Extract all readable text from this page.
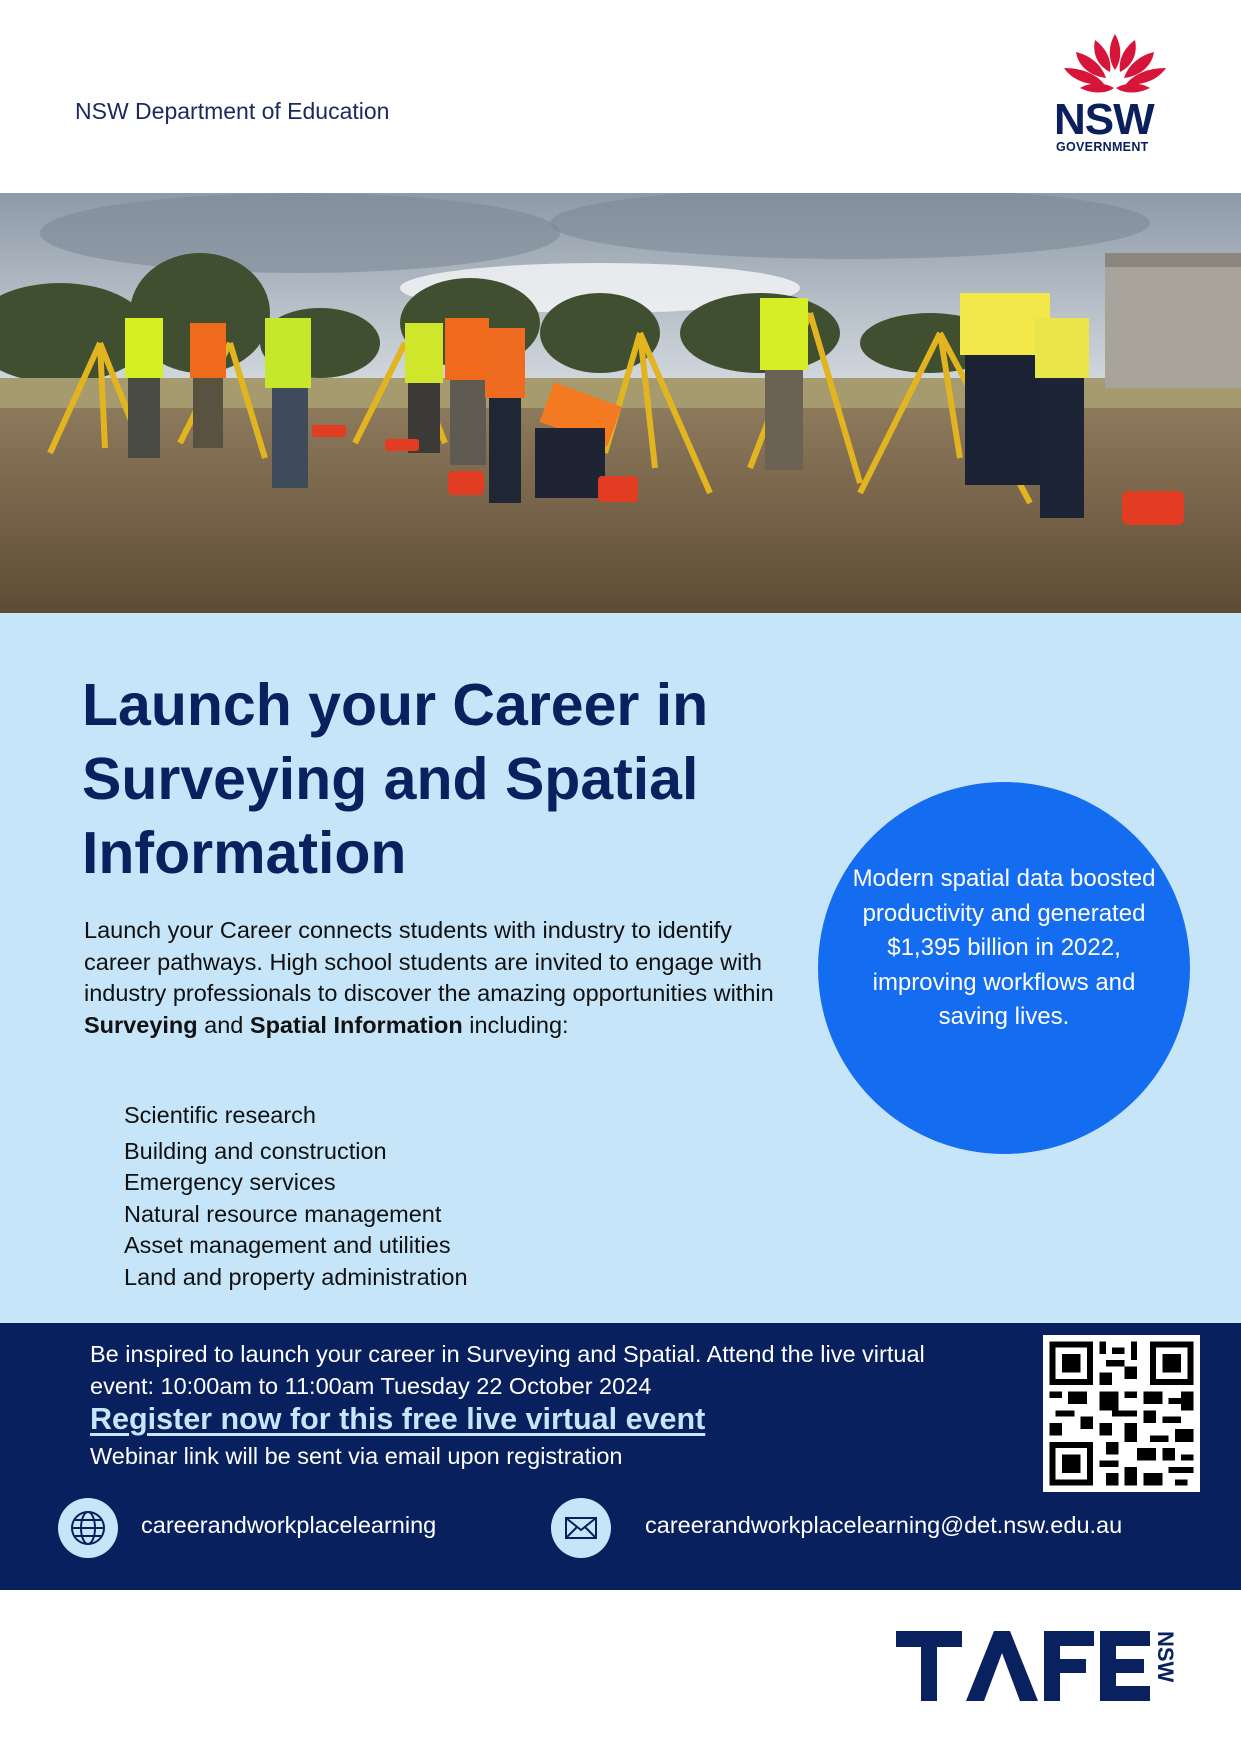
NSW Department of Education	NSW
GOVERNMENT
Launch your Career in Surveying and Spatial Information

Launch your Career connects students with industry to identify career pathways. High school students are invited to engage with industry professionals to discover the amazing opportunities within Surveying and Spatial Information including:

Scientific research
Building and construction
Emergency services
Natural resource management
Asset management and utilities
Land and property administration
Modern spatial data boosted productivity and generated $1,395 billion in 2022, improving workflows and saving lives.
Be inspired to launch your career in Surveying and Spatial. Attend the live virtual event: 10:00am to 11:00am Tuesday 22 October 2024
Register now for this free live virtual event
Webinar link will be sent via email upon registration
careerandworkplacelearning	careerandworkplacelearning@det.nsw.edu.au
NSW
